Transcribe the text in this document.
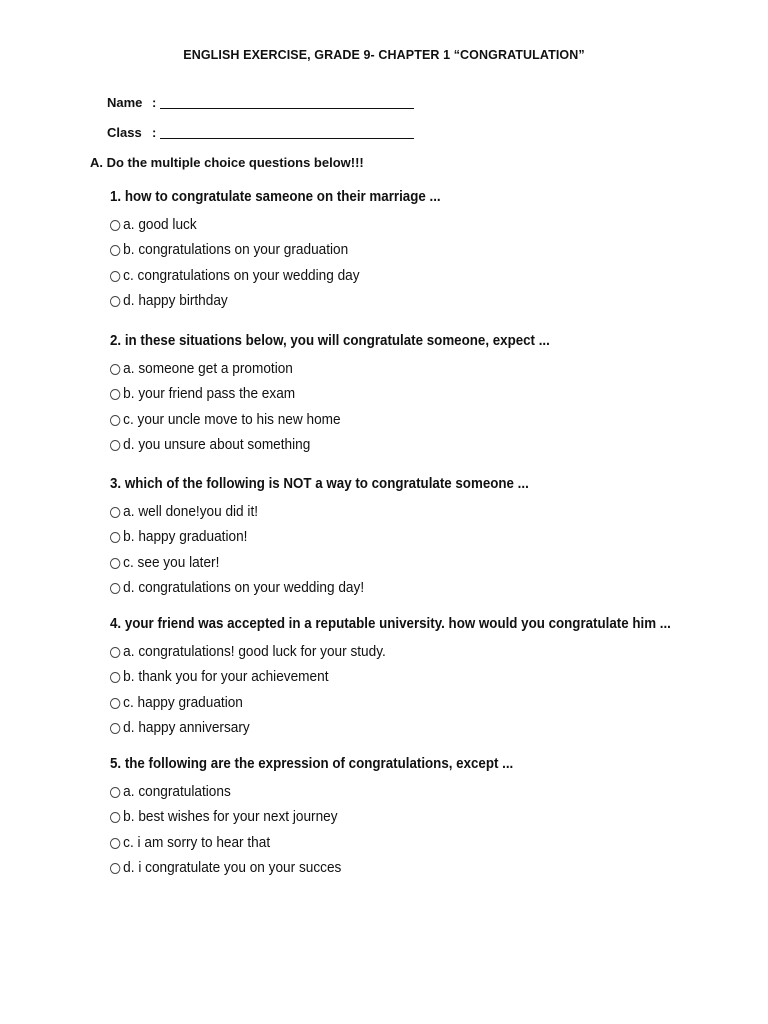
ENGLISH EXERCISE, GRADE 9- CHAPTER 1 “CONGRATULATION”
Name :
Class :
A. Do the multiple choice questions below!!!
1. how to congratulate sameone on their marriage ...
a. good luck
b. congratulations on your graduation
c. congratulations on your wedding day
d. happy birthday
2. in these situations below, you will congratulate someone, expect ...
a. someone get a promotion
b. your friend pass the exam
c. your uncle move to his new home
d. you unsure about something
3. which of the following is NOT a way to congratulate someone ...
a. well done!you did it!
b. happy graduation!
c. see you later!
d. congratulations on your wedding day!
4. your friend was accepted in a reputable university. how would you congratulate him ...
a. congratulations! good luck for your study.
b. thank you for your achievement
c. happy graduation
d. happy anniversary
5. the following are the expression of congratulations, except ...
a. congratulations
b. best wishes for your next journey
c. i am sorry to hear that
d. i congratulate you on your succes
